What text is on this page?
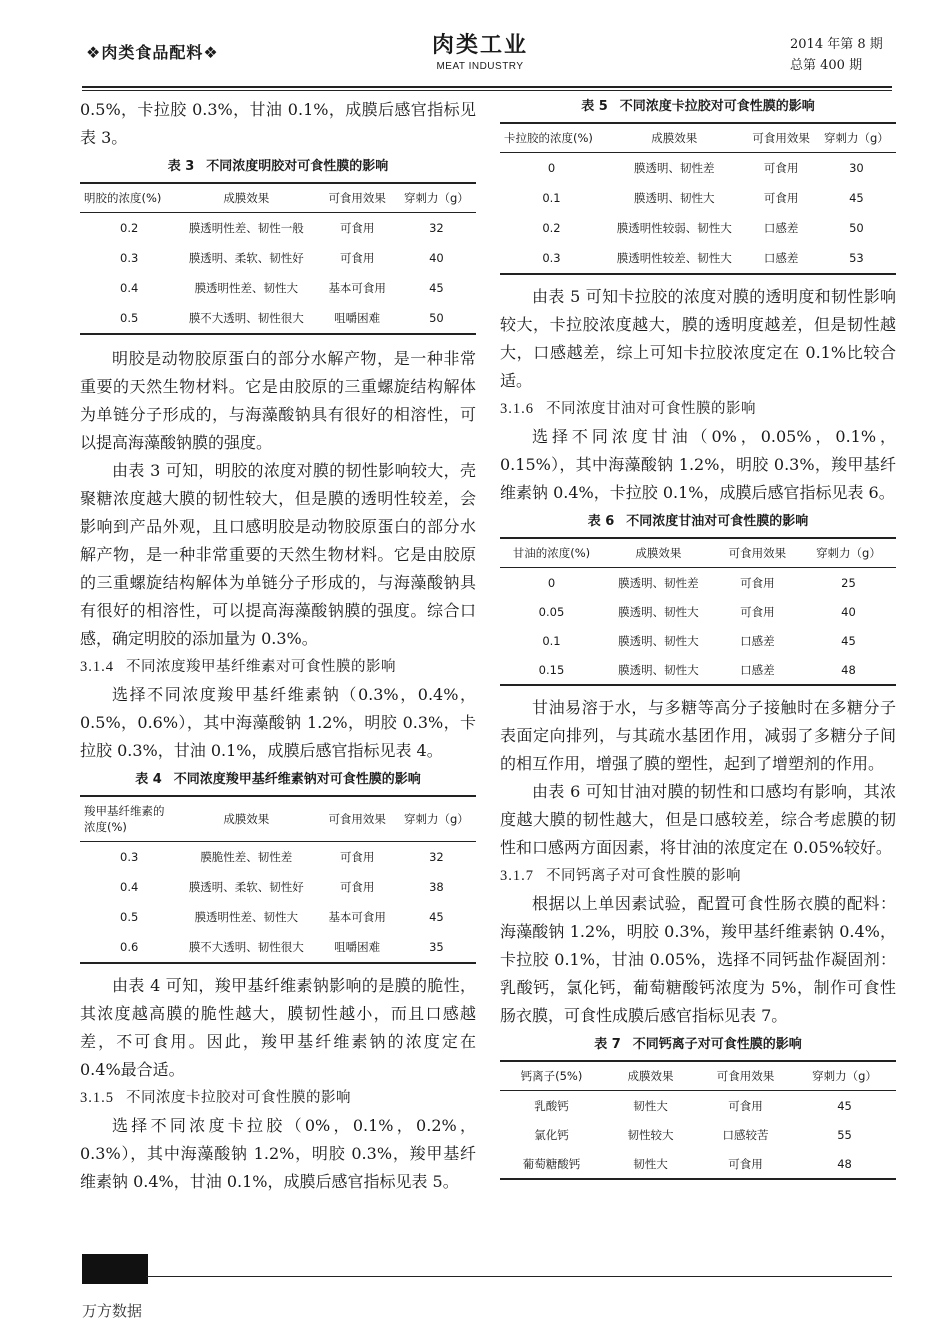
❖肉类食品配料❖	肉类工业
MEAT INDUSTRY
2014 年第 8 期
总第 400 期

0.5%，卡拉胶 0.3%，甘油 0.1%，成膜后感官指标见表 3。

表 3 不同浓度明胶对可食性膜的影响
明胶的浓度(%)	成膜效果	可食用效果	穿刺力（g）
0.2	膜透明性差、韧性一般	可食用	32
0.3	膜透明、柔软、韧性好	可食用	40
0.4	膜透明性差、韧性大	基本可食用	45
0.5	膜不大透明、韧性很大	咀嚼困难	50

明胶是动物胶原蛋白的部分水解产物，是一种非常重要的天然生物材料。它是由胶原的三重螺旋结构解体为单链分子形成的，与海藻酸钠具有很好的相溶性，可以提高海藻酸钠膜的强度。

由表 3 可知，明胶的浓度对膜的韧性影响较大，壳聚糖浓度越大膜的韧性较大，但是膜的透明性较差，会影响到产品外观，且口感明胶是动物胶原蛋白的部分水解产物，是一种非常重要的天然生物材料。它是由胶原的三重螺旋结构解体为单链分子形成的，与海藻酸钠具有很好的相溶性，可以提高海藻酸钠膜的强度。综合口感，确定明胶的添加量为 0.3%。

3.1.4 不同浓度羧甲基纤维素对可食性膜的影响

选择不同浓度羧甲基纤维素钠（0.3%，0.4%，0.5%，0.6%），其中海藻酸钠 1.2%，明胶 0.3%，卡拉胶 0.3%，甘油 0.1%，成膜后感官指标见表 4。

表 4 不同浓度羧甲基纤维素钠对可食性膜的影响
羧甲基纤维素的浓度(%)	成膜效果	可食用效果	穿刺力（g）
0.3	膜脆性差、韧性差	可食用	32
0.4	膜透明、柔软、韧性好	可食用	38
0.5	膜透明性差、韧性大	基本可食用	45
0.6	膜不大透明、韧性很大	咀嚼困难	35

由表 4 可知，羧甲基纤维素钠影响的是膜的脆性，其浓度越高膜的脆性越大，膜韧性越小，而且口感越差，不可食用。因此，羧甲基纤维素钠的浓度定在 0.4%最合适。

3.1.5 不同浓度卡拉胶对可食性膜的影响

选择不同浓度卡拉胶（0%，0.1%，0.2%，0.3%），其中海藻酸钠 1.2%，明胶 0.3%，羧甲基纤维素钠 0.4%，甘油 0.1%，成膜后感官指标见表 5。

表 5 不同浓度卡拉胶对可食性膜的影响
卡拉胶的浓度(%)	成膜效果	可食用效果	穿刺力（g）
0	膜透明、韧性差	可食用	30
0.1	膜透明、韧性大	可食用	45
0.2	膜透明性较弱、韧性大	口感差	50
0.3	膜透明性较差、韧性大	口感差	53

由表 5 可知卡拉胶的浓度对膜的透明度和韧性影响较大，卡拉胶浓度越大，膜的透明度越差，但是韧性越大，口感越差，综上可知卡拉胶浓度定在 0.1%比较合适。

3.1.6 不同浓度甘油对可食性膜的影响

选择不同浓度甘油（0%，0.05%，0.1%，0.15%），其中海藻酸钠 1.2%，明胶 0.3%，羧甲基纤维素钠 0.4%，卡拉胶 0.1%，成膜后感官指标见表 6。

表 6 不同浓度甘油对可食性膜的影响
甘油的浓度(%)	成膜效果	可食用效果	穿刺力（g）
0	膜透明、韧性差	可食用	25
0.05	膜透明、韧性大	可食用	40
0.1	膜透明、韧性大	口感差	45
0.15	膜透明、韧性大	口感差	48

甘油易溶于水，与多糖等高分子接触时在多糖分子表面定向排列，与其疏水基团作用，减弱了多糖分子间的相互作用，增强了膜的塑性，起到了增塑剂的作用。

由表 6 可知甘油对膜的韧性和口感均有影响，其浓度越大膜的韧性越大，但是口感较差，综合考虑膜的韧性和口感两方面因素，将甘油的浓度定在 0.05%较好。

3.1.7 不同钙离子对可食性膜的影响

根据以上单因素试验，配置可食性肠衣膜的配料：海藻酸钠 1.2%，明胶 0.3%，羧甲基纤维素钠 0.4%，卡拉胶 0.1%，甘油 0.05%，选择不同钙盐作凝固剂：乳酸钙，氯化钙，葡萄糖酸钙浓度为 5%，制作可食性肠衣膜，可食性成膜后感官指标见表 7。

表 7 不同钙离子对可食性膜的影响
钙离子(5%)	成膜效果	可食用效果	穿刺力（g）
乳酸钙	韧性大	可食用	45
氯化钙	韧性较大	口感较苦	55
葡萄糖酸钙	韧性大	可食用	48
万方数据
